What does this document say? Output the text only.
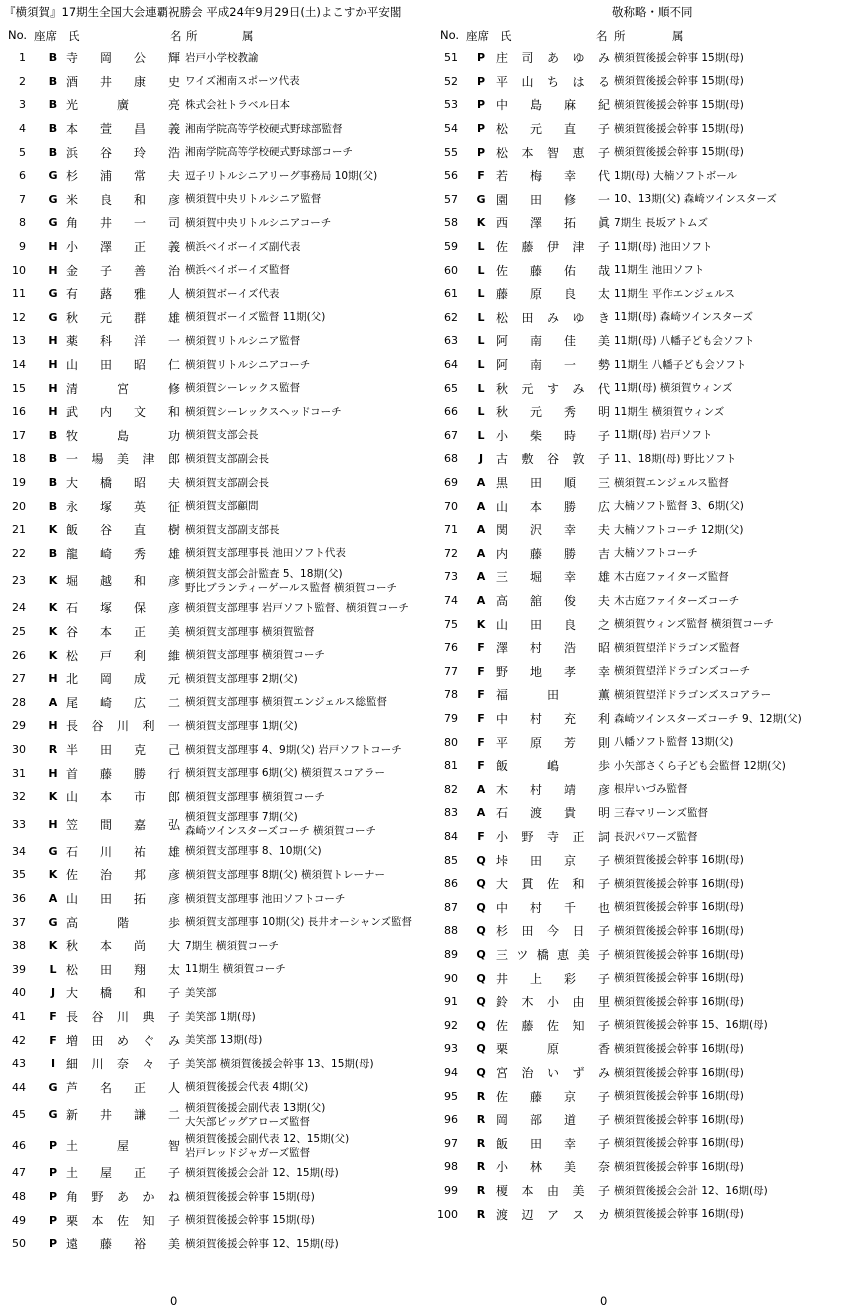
『横須賀』17期生全国大会連覇祝勝会 平成24年9月29日(土)よこすか平安閣	敬称略・順不同
No. 座席 氏	名 所	属
1 B 寺 岡 公 輝 岩戸小学校教諭
2 B 酒 井 康 史 ワイズ湘南スポーツ代表
3 B 光	廣	亮 株式会社トラベル日本
4 B 本 萱 昌 義 湘南学院高等学校硬式野球部監督
5 B 浜 谷 玲 浩 湘南学院高等学校硬式野球部コーチ
6 G 杉 浦 常 夫 逗子リトルシニアリーグ事務局 10期(父)
7 G 米 良 和 彦 横須賀中央リトルシニア監督
8 G 角 井 一 司 横須賀中央リトルシニアコーチ
9 H 小 澤 正 義 横浜ベイボーイズ副代表
10 H 金 子 善 治 横浜ベイボーイズ監督
11 G 有 蕗 雅 人 横須賀ボーイズ代表
12 G 秋 元 群 雄 横須賀ボーイズ監督 11期(父)
13 H 薬 科 洋 一 横須賀リトルシニア監督
14 H 山 田 昭 仁 横須賀リトルシニアコーチ
15 H 清	宮	修 横須賀シーレックス監督
16 H 武 内 文 和 横須賀シーレックスヘッドコーチ
17 B 牧	島	功 横須賀支部会長
18 B 一 場 美 津 郎 横須賀支部副会長
19 B 大 橋 昭 夫 横須賀支部副会長
20 B 永 塚 英 征 横須賀支部顧問
21 K 飯 谷 直 樹 横須賀支部副支部長
22 B 龍 崎 秀 雄 横須賀支部理事長 池田ソフト代表
23 K 堀 越 和 彦
横須賀支部会計監査 5、18期(父)
野比ブランティーゲールス監督 横須賀コーチ
24 K 石 塚 保 彦 横須賀支部理事 岩戸ソフト監督、横須賀コーチ
25 K 谷 本 正 美 横須賀支部理事 横須賀監督
26 K 松 戸 利 維 横須賀支部理事 横須賀コーチ
27 H 北 岡 成 元 横須賀支部理事 2期(父)
28 A 尾 崎 広 二 横須賀支部理事 横須賀エンジェルス総監督
29 H 長 谷 川 利 一 横須賀支部理事 1期(父)
30 R 半 田 克 己 横須賀支部理事 4、9期(父) 岩戸ソフトコーチ
31 H 首 藤 勝 行 横須賀支部理事 6期(父) 横須賀スコアラー
32 K 山 本 市 郎 横須賀支部理事 横須賀コーチ
33 H 笠 間 嘉 弘
横須賀支部理事 7期(父)
森崎ツインスターズコーチ 横須賀コーチ
34 G 石 川 祐 雄 横須賀支部理事 8、10期(父)
35 K 佐 治 邦 彦 横須賀支部理事 8期(父) 横須賀トレーナー
36 A 山 田 拓 彦 横須賀支部理事 池田ソフトコーチ
37 G 高	階	歩 横須賀支部理事 10期(父) 長井オーシャンズ監督
38 K 秋 本 尚 大 7期生 横須賀コーチ
39	L 松 田 翔 太 11期生 横須賀コーチ
40	J 大 橋 和 子 美笑部
41 F 長 谷 川 典 子 美笑部 1期(母)
42 F 増 田 め ぐ み 美笑部 13期(母)
43	I 細 川 奈 々 子 美笑部 横須賀後援会幹事 13、15期(母)
44 G 芦 名 正 人 横須賀後援会代表 4期(父)
45 G 新 井 謙 二
横須賀後援会副代表 13期(父)
大矢部ビッグアローズ監督
46 P 土	屋	智
横須賀後援会副代表 12、15期(父)
岩戸レッドジャガーズ監督
47 P 土 屋 正 子 横須賀後援会会計 12、15期(母)
48 P 角 野 あ か ね 横須賀後援会幹事 15期(母)
49 P 栗 本 佐 知 子 横須賀後援会幹事 15期(母)
50 P 遠 藤 裕 美 横須賀後援会幹事 12、15期(母)
0
No. 座席 氏	名 所	属
51 P 庄 司 あ ゆ み 横須賀後援会幹事 15期(母)
52 P 平 山 ち は る 横須賀後援会幹事 15期(母)
53 P 中 島 麻 紀 横須賀後援会幹事 15期(母)
54 P 松 元 直 子 横須賀後援会幹事 15期(母)
55 P 松 本 智 恵 子 横須賀後援会幹事 15期(母)
56 F 若 梅 幸 代 1期(母) 大楠ソフトボール
57 G 園 田 修 一 10、13期(父) 森崎ツインスターズ
58 K 西 澤 拓 眞 7期生 長坂アトムズ
59	L 佐 藤 伊 津 子 11期(母) 池田ソフト
60	L 佐 藤 佑 哉 11期生 池田ソフト
61	L 藤 原 良 太 11期生 平作エンジェルス
62	L 松 田 み ゆ き 11期(母) 森崎ツインスターズ
63	L 阿 南 佳 美 11期(母) 八幡子ども会ソフト
64	L 阿 南 一 勢 11期生 八幡子ども会ソフト
65	L 秋 元 す み 代 11期(母) 横須賀ウィンズ
66	L 秋 元 秀 明 11期生 横須賀ウィンズ
67	L 小 柴 時 子 11期(母) 岩戸ソフト
68	J	古 敷 谷 敦 子 11、18期(母) 野比ソフト
69 A 黒 田 順 三 横須賀エンジェルス監督
70 A 山 本 勝 広 大楠ソフト監督 3、6期(父)
71 A 関 沢 幸 夫 大楠ソフトコーチ 12期(父)
72 A 内 藤 勝 吉 大楠ソフトコーチ
73 A 三 堀 幸 雄 木古庭ファイターズ監督
74 A 高 舘 俊 夫 木古庭ファイターズコーチ
75 K 山 田 良 之 横須賀ウィンズ監督 横須賀コーチ
76 F 澤 村 浩 昭 横須賀望洋ドラゴンズ監督
77 F 野 地 孝 幸 横須賀望洋ドラゴンズコーチ
78 F 福	田	薫 横須賀望洋ドラゴンズスコアラー
79 F 中 村 充 利 森崎ツインスターズコーチ 9、12期(父)
80 F 平 原 芳 則 八幡ソフト監督 13期(父)
81 F 飯	嶋	歩 小矢部さくら子ども会監督 12期(父)
82 A 木 村 靖 彦 根岸いづみ監督
83 A 石 渡 貴 明 三春マリーンズ監督
84 F 小 野 寺 正 詞 長沢パワーズ監督
85 Q 垰 田 京 子 横須賀後援会幹事 16期(母)
86 Q 大 貫 佐 和 子 横須賀後援会幹事 16期(母)
87 Q 中 村 千 也 横須賀後援会幹事 16期(母)
88 Q 杉 田 今 日 子 横須賀後援会幹事 16期(母)
89 Q 三 ツ 橋 恵 美 子 横須賀後援会幹事 16期(母)
90 Q 井 上 彩 子 横須賀後援会幹事 16期(母)
91 Q 鈴 木 小 由 里 横須賀後援会幹事 16期(母)
92 Q 佐 藤 佐 知 子 横須賀後援会幹事 15、16期(母)
93 Q 栗	原	香 横須賀後援会幹事 16期(母)
94 Q 宮 治 い ず み 横須賀後援会幹事 16期(母)
95 R 佐 藤 京 子 横須賀後援会幹事 16期(母)
96 R 岡 部 道 子 横須賀後援会幹事 16期(母)
97 R 飯 田 幸 子 横須賀後援会幹事 16期(母)
98 R 小 林 美 奈 横須賀後援会幹事 16期(母)
99 R 榎 本 由 美 子 横須賀後援会会計 12、16期(母)
100 R 渡 辺 ア ス カ 横須賀後援会幹事 16期(母)
0
